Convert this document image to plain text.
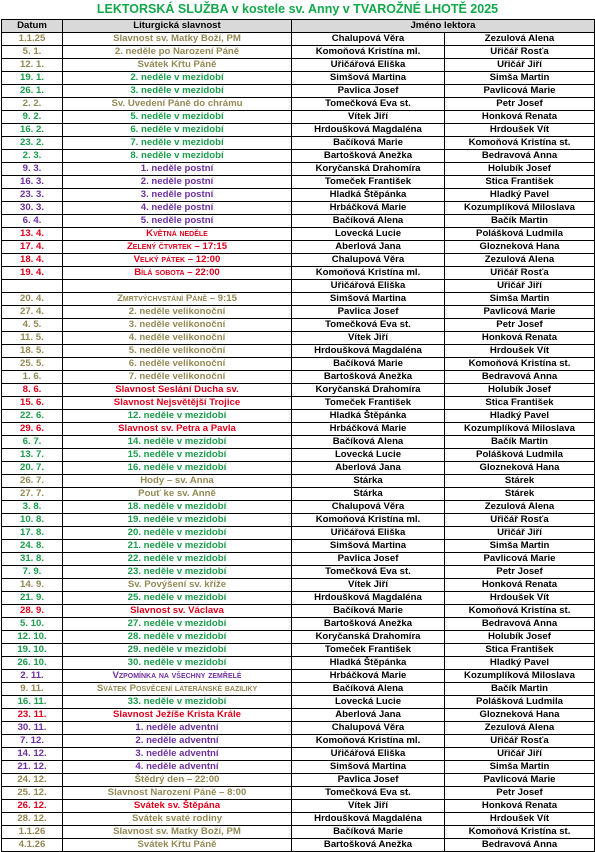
LEKTORSKÁ SLUŽBA v kostele sv. Anny v TVAROŽNÉ LHOTĚ 2025
Datum	Liturgická slavnost	Jméno lektora	
1.1.25	Slavnost sv. Matky Boží, PM	Chalupová Věra	Zezulová Alena
5. 1.	2. neděle po Narození Páně	Komoňová Kristína ml.	Uřičář Rosťa
12. 1.	Svátek Křtu Páně	Uřičářová Eliška	Uřičář Jiří
19. 1.	2. neděle v mezidobí	Simšová Martina	Simša Martin
26. 1.	3. neděle v mezidobí	Pavlica Josef	Pavlicová Marie
2. 2.	Sv. Uvedení Páně do chrámu	Tomečková Eva st.	Petr Josef
9. 2.	5. neděle v mezidobí	Vítek Jiří	Honková Renata
16. 2.	6. neděle v mezidobí	Hrdoušková Magdaléna	Hrdoušek Vít
23. 2.	7. neděle v mezidobí	Bačíková Marie	Komoňová Kristína st.
2. 3.	8. neděle v mezidobí	Bartošková Anežka	Bedravová Anna
9. 3.	1. neděle postní	Koryčanská Drahomíra	Holubík Josef
16. 3.	2. neděle postní	Tomeček František	Stica František
23. 3.	3. neděle postní	Hladká Štěpánka	Hladký Pavel
30. 3.	4. neděle postní	Hrbáčková Marie	Kozumplíková Miloslava
6. 4.	5. neděle postní	Bačíková Alena	Bačík Martin
13. 4.	Květná neděle	Lovecká Lucie	Polášková Ludmila
17. 4.	Zelený čtvrtek – 17:15	Aberlová Jana	Glozneková Hana
18. 4.	Velký pátek – 12:00	Chalupová Věra	Zezulová Alena
19. 4.	Bílá sobota – 22:00	Komoňová Kristína ml.	Uřičář Rosťa
		Uřičářová Eliška	Uřičář Jiří
20. 4.	Zmrtvýchvstání Páně – 9:15	Simšová Martina	Simša Martin
27. 4.	2. neděle velikonoční	Pavlica Josef	Pavlicová Marie
4. 5.	3. neděle velikonoční	Tomečková Eva st.	Petr Josef
11. 5.	4. neděle velikonoční	Vítek Jiří	Honková Renata
18. 5.	5. neděle velikonoční	Hrdoušková Magdaléna	Hrdoušek Vít
25. 5.	6. neděle velikonoční	Bačíková Marie	Komoňová Kristína st.
1. 6.	7. neděle velikonoční	Bartošková Anežka	Bedravová Anna
8. 6.	Slavnost Seslání Ducha sv.	Koryčanská Drahomíra	Holubík Josef
15. 6.	Slavnost Nejsvětější Trojice	Tomeček František	Stica František
22. 6.	12. neděle v mezidobí	Hladká Štěpánka	Hladký Pavel
29. 6.	Slavnost sv. Petra a Pavla	Hrbáčková Marie	Kozumplíková Miloslava
6. 7.	14. neděle v mezidobí	Bačíková Alena	Bačík Martin
13. 7.	15. neděle v mezidobí	Lovecká Lucie	Polášková Ludmila
20. 7.	16. neděle v mezidobí	Aberlová Jana	Glozneková Hana
26. 7.	Hody – sv. Anna	Stárka	Stárek
27. 7.	Pouť ke sv. Anně	Stárka	Stárek
3. 8.	18. neděle v mezidobí	Chalupová Věra	Zezulová Alena
10. 8.	19. neděle v mezidobí	Komoňová Kristína ml.	Uřičář Rosťa
17. 8.	20. neděle v mezidobí	Uřičářová Eliška	Uřičář Jiří
24. 8.	21. neděle v mezidobí	Simšová Martina	Simša Martin
31. 8.	22. neděle v mezidobí	Pavlica Josef	Pavlicová Marie
7. 9.	23. neděle v mezidobí	Tomečková Eva st.	Petr Josef
14. 9.	Sv. Povýšení sv. kříže	Vítek Jiří	Honková Renata
21. 9.	25. neděle v mezidobí	Hrdoušková Magdaléna	Hrdoušek Vít
28. 9.	Slavnost sv. Václava	Bačíková Marie	Komoňová Kristína st.
5. 10.	27. neděle v mezidobí	Bartošková Anežka	Bedravová Anna
12. 10.	28. neděle v mezidobí	Koryčanská Drahomíra	Holubík Josef
19. 10.	29. neděle v mezidobí	Tomeček František	Stica František
26. 10.	30. neděle v mezidobí	Hladká Štěpánka	Hladký Pavel
2. 11.	Vzpomínka na všechny zemřelé	Hrbáčková Marie	Kozumplíková Miloslava
9. 11.	Svátek Posvěcení lateránské baziliky	Bačíková Alena	Bačík Martin
16. 11.	33. neděle v mezidobí	Lovecká Lucie	Polášková Ludmila
23. 11.	Slavnost Ježíše Krista Krále	Aberlová Jana	Glozneková Hana
30. 11.	1. neděle adventní	Chalupová Věra	Zezulová Alena
7. 12.	2. neděle adventní	Komoňová Kristína ml.	Uřičář Rosťa
14. 12.	3. neděle adventní	Uřičářová Eliška	Uřičář Jiří
21. 12.	4. neděle adventní	Simšová Martina	Simša Martin
24. 12.	Štědrý den – 22:00	Pavlica Josef	Pavlicová Marie
25. 12.	Slavnost Narození Páně – 8:00	Tomečková Eva st.	Petr Josef
26. 12.	Svátek sv. Štěpána	Vítek Jiří	Honková Renata
28. 12.	Svátek svaté rodiny	Hrdoušková Magdaléna	Hrdoušek Vít
1.1.26	Slavnost sv. Matky Boží, PM	Bačíková Marie	Komoňová Kristína st.
4.1.26	Svátek Křtu Páně	Bartošková Anežka	Bedravová Anna
